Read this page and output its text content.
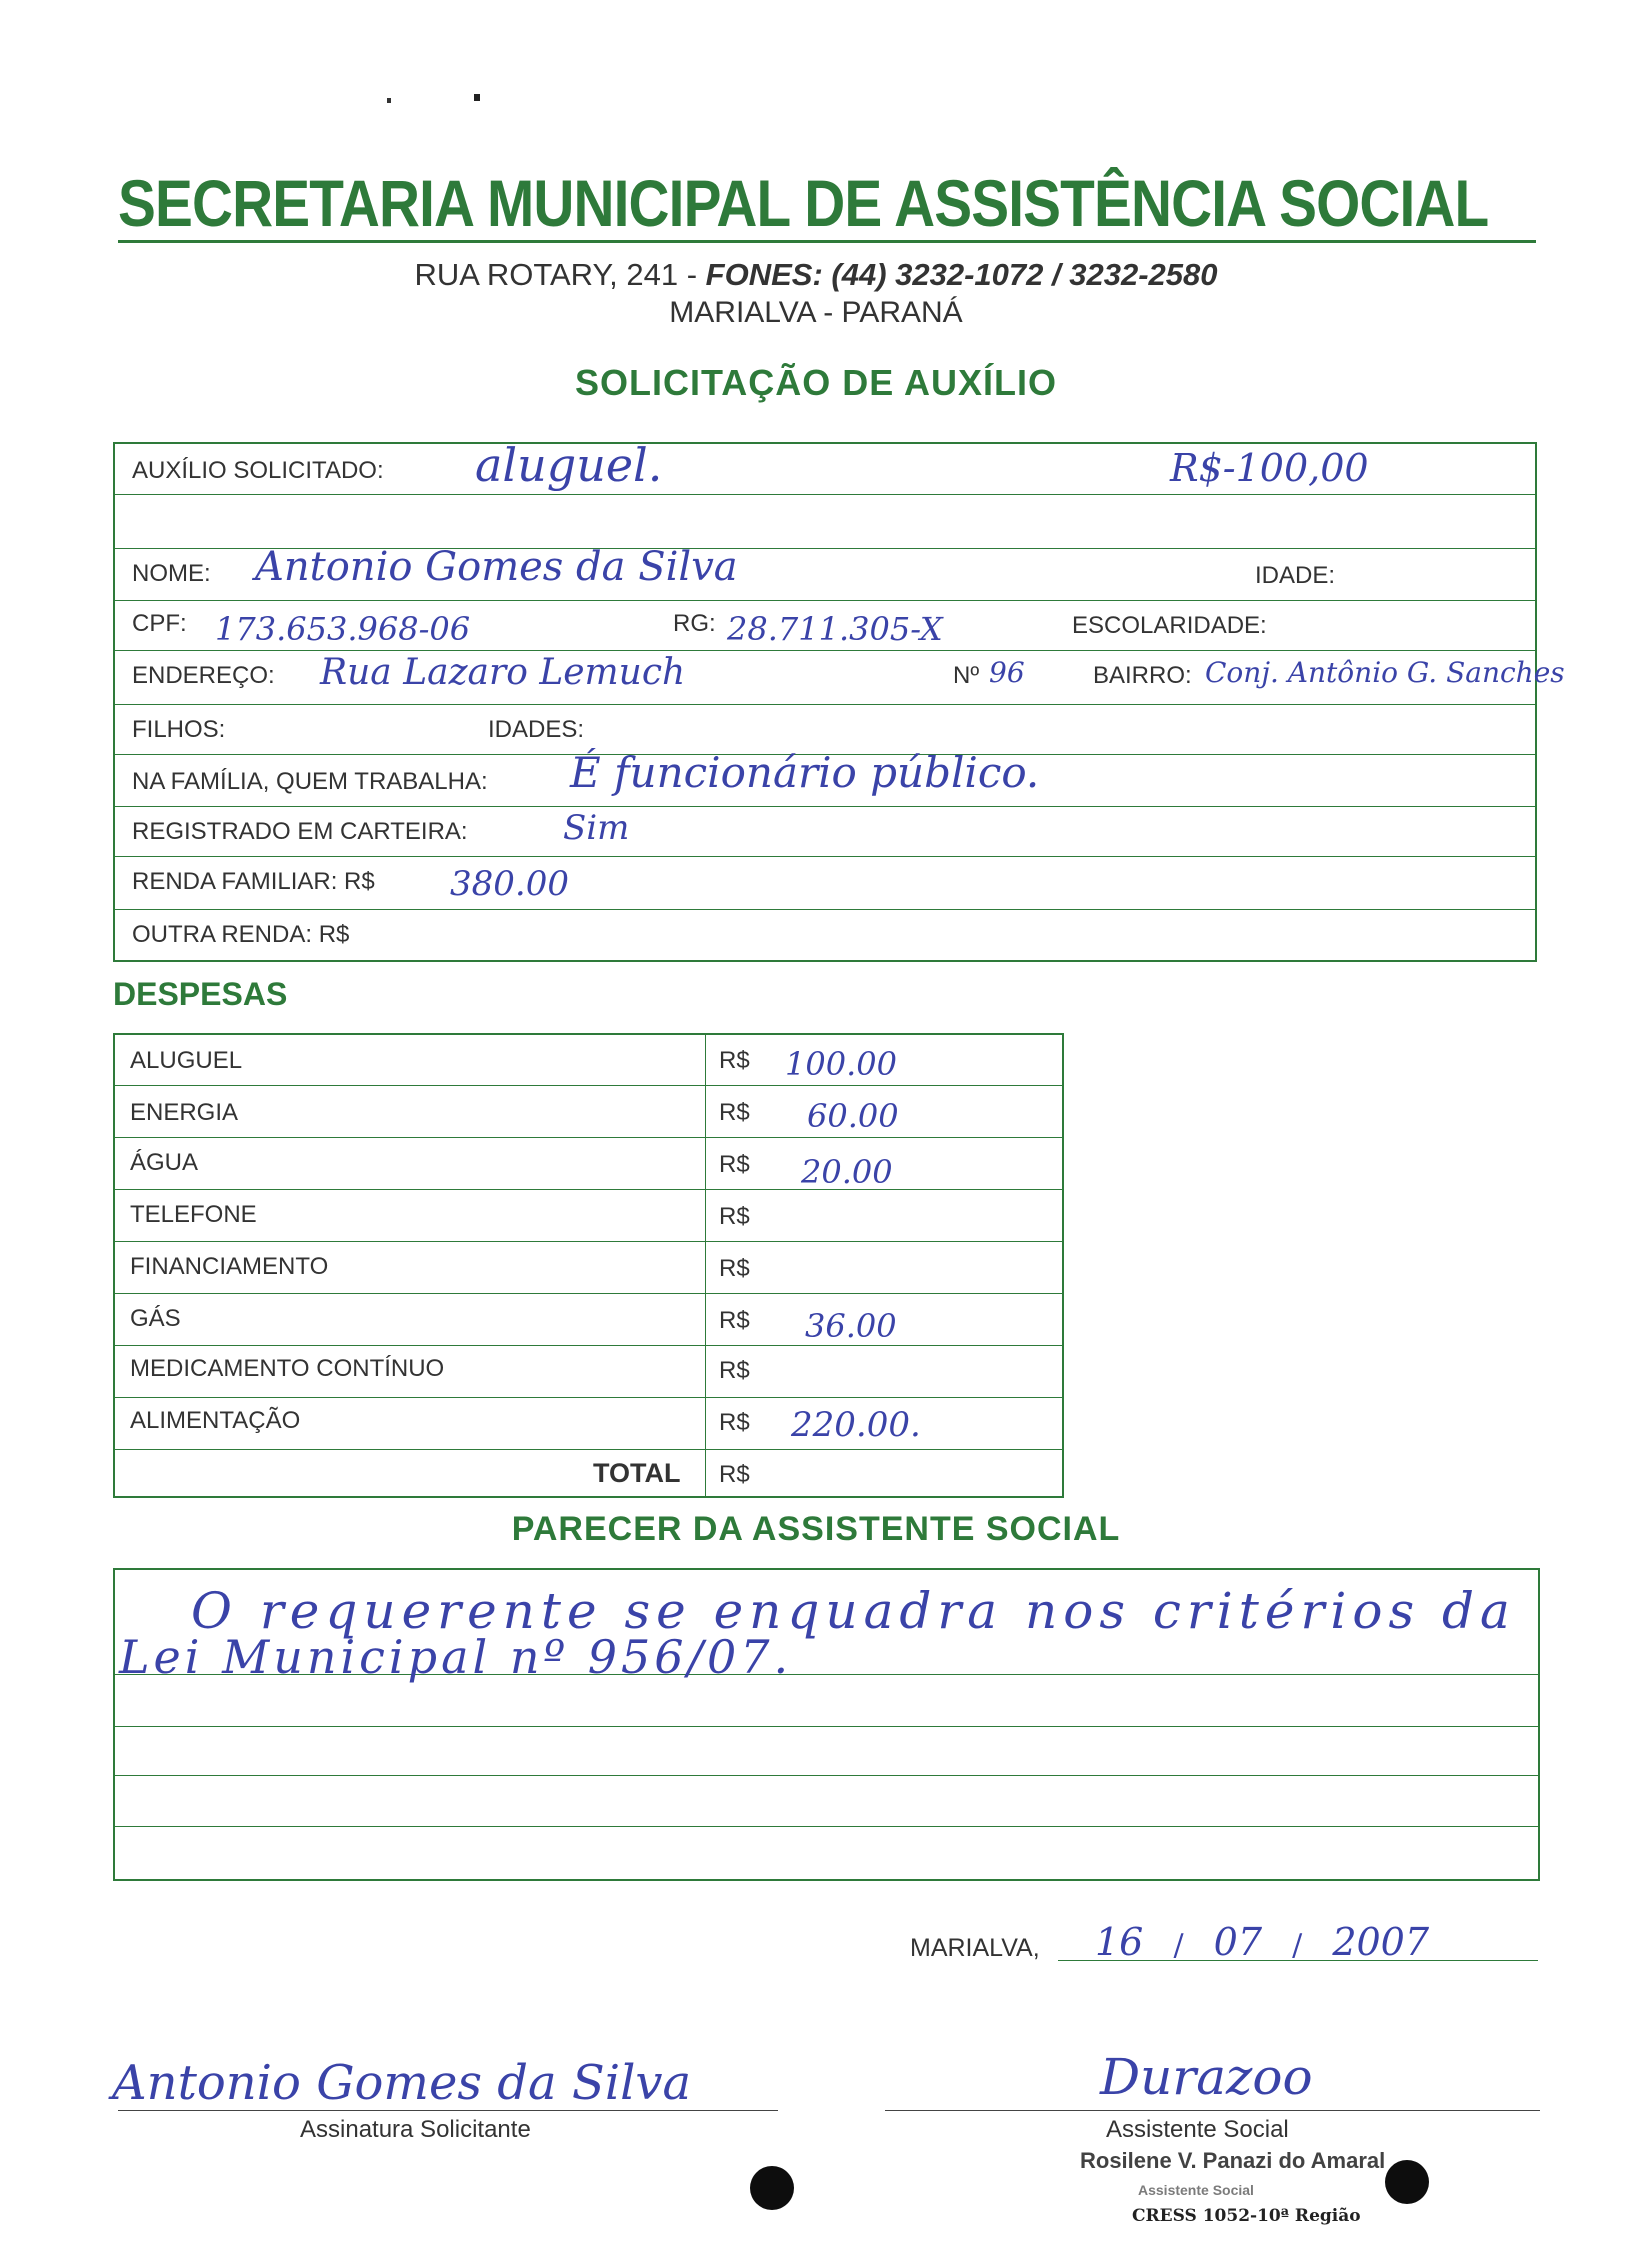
SECRETARIA MUNICIPAL DE ASSISTÊNCIA SOCIAL
RUA ROTARY, 241 - FONES: (44) 3232-1072 / 3232-2580
MARIALVA - PARANÁ
SOLICITAÇÃO DE AUXÍLIO
AUXÍLIO SOLICITADO: aluguel.	R$-100,00
NOME: Antonio Gomes da Silva	IDADE:
CPF: 173.653.968-06	RG: 28.711.305-X	ESCOLARIDADE:
ENDEREÇO: Rua Lazaro Lemuch	Nº 96	BAIRRO: Conj. Antônio G. Sanches
FILHOS:	IDADES:
NA FAMÍLIA, QUEM TRABALHA: É funcionário público.
REGISTRADO EM CARTEIRA:	Sim
RENDA FAMILIAR: R$ 380.00
OUTRA RENDA: R$
DESPESAS
ALUGUEL	R$ 100.00
ENERGIA	R$ 60.00
ÁGUA	R$ 20.00
TELEFONE	R$
FINANCIAMENTO	R$
GÁS	R$ 36.00
MEDICAMENTO CONTÍNUO	R$
ALIMENTAÇÃO	R$ 220.00.
TOTAL R$
PARECER DA ASSISTENTE SOCIAL
O requerente se enquadra nos critérios da
Lei Municipal nº 956/07.
MARIALVA, 16 / 07 / 2007
Antonio Gomes da Silva
Assinatura Solicitante
Durazoo
Assistente Social
Rosilene V. Panazi do Amaral
Assistente Social
CRESS 1052-10ª Região
